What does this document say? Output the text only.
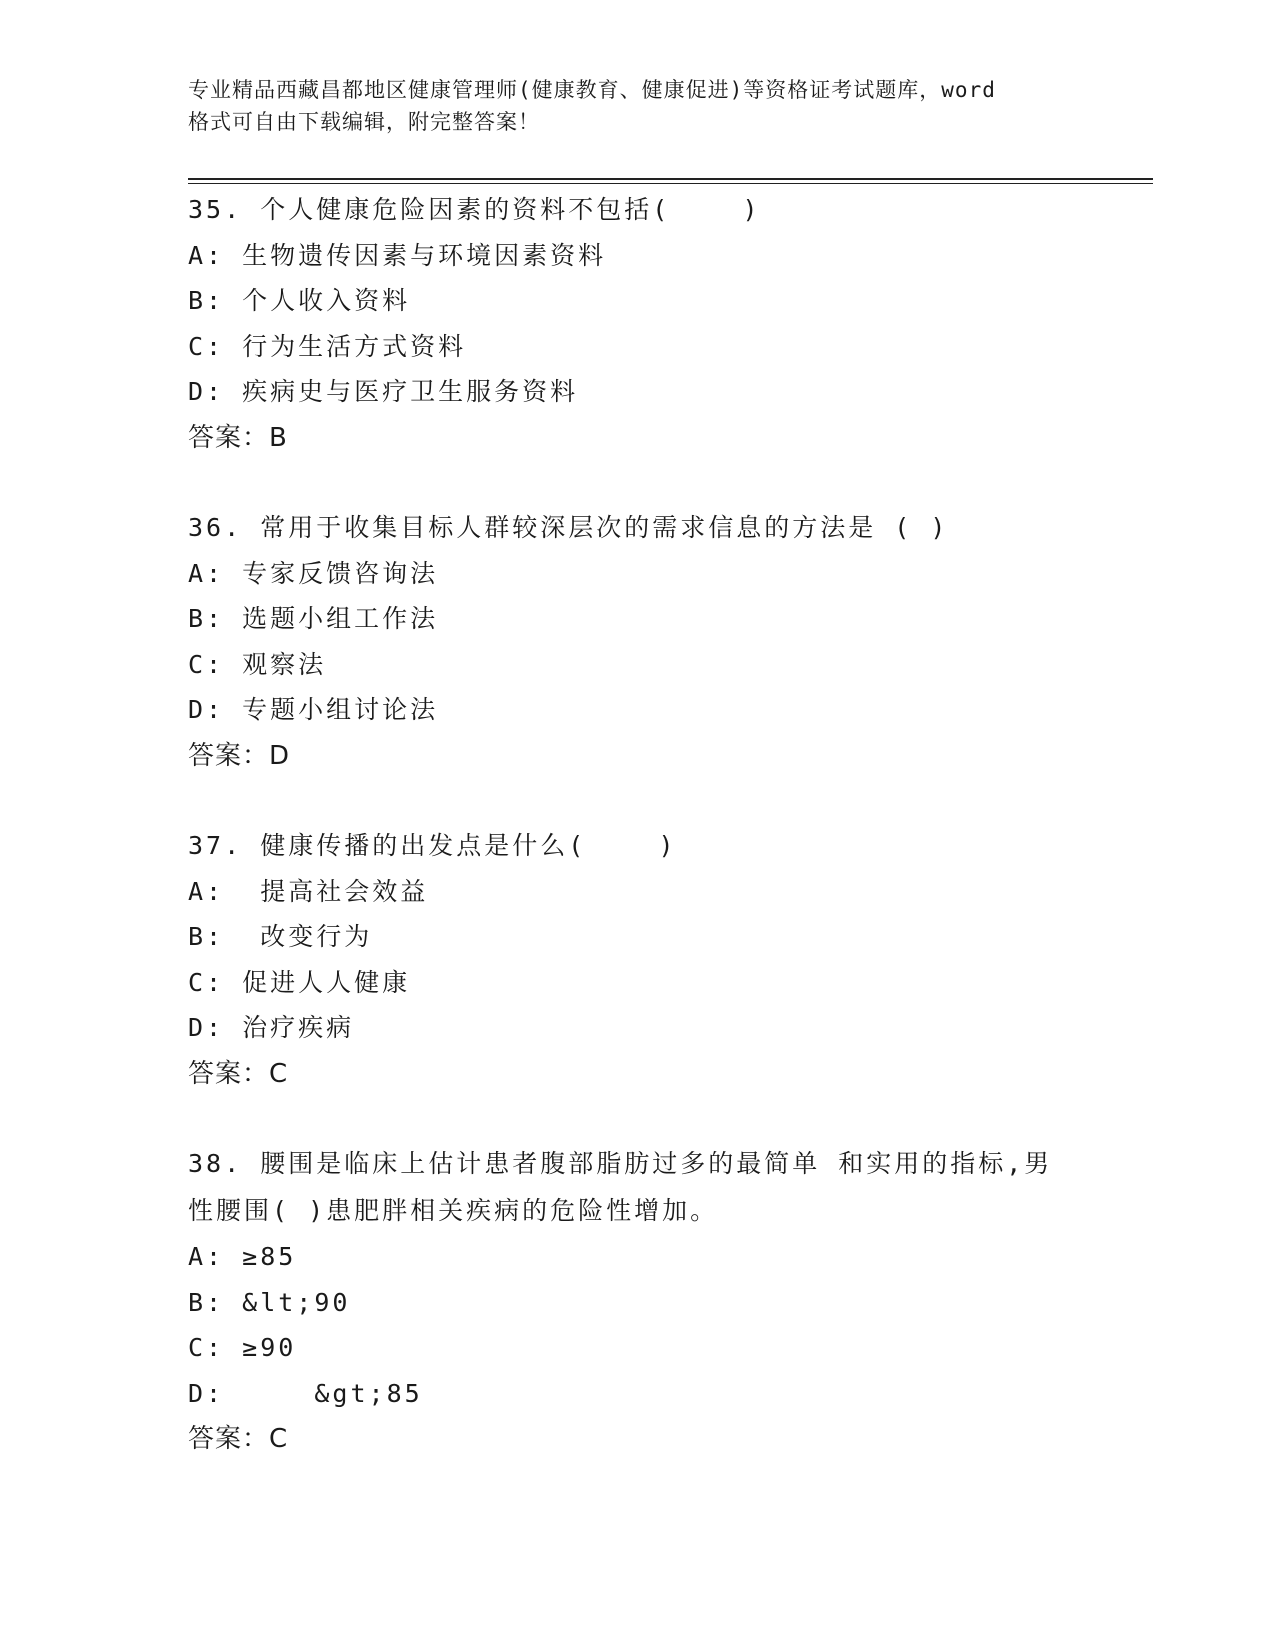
专业精品西藏昌都地区健康管理师(健康教育、健康促进)等资格证考试题库，word
格式可自由下载编辑，附完整答案！
35. 个人健康危险因素的资料不包括(    )
A: 生物遗传因素与环境因素资料
B: 个人收入资料
C: 行为生活方式资料
D: 疾病史与医疗卫生服务资料
答案：B
36. 常用于收集目标人群较深层次的需求信息的方法是 ( )
A: 专家反馈咨询法
B: 选题小组工作法
C: 观察法
D: 专题小组讨论法
答案：D
37. 健康传播的出发点是什么(    )
A:  提高社会效益
B:  改变行为
C: 促进人人健康
D: 治疗疾病
答案：C
38. 腰围是临床上估计患者腹部脂肪过多的最简单 和实用的指标,男性腰围( )患肥胖相关疾病的危险性增加。
A: ≥85
B: &lt;90
C: ≥90
D:     &gt;85
答案：C
